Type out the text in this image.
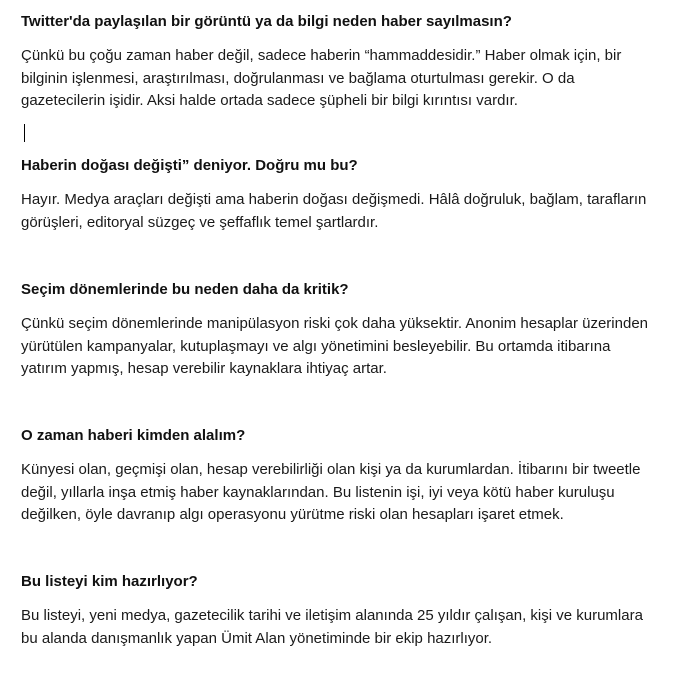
Twitter'da paylaşılan bir görüntü ya da bilgi neden haber sayılmasın?

Çünkü bu çoğu zaman haber değil, sadece haberin “hammaddesidir.” Haber olmak için, bir bilginin işlenmesi, araştırılması, doğrulanması ve bağlama oturtulması gerekir. O da gazetecilerin işidir. Aksi halde ortada sadece şüpheli bir bilgi kırıntısı vardır.

Haberin doğası değişti” deniyor. Doğru mu bu?

Hayır. Medya araçları değişti ama haberin doğası değişmedi. Hâlâ doğruluk, bağlam, tarafların görüşleri, editoryal süzgeç ve şeffaflık temel şartlardır.

Seçim dönemlerinde bu neden daha da kritik?

Çünkü seçim dönemlerinde manipülasyon riski çok daha yüksektir. Anonim hesaplar üzerinden yürütülen kampanyalar, kutuplaşmayı ve algı yönetimini besleyebilir. Bu ortamda itibarına yatırım yapmış, hesap verebilir kaynaklara ihtiyaç artar.

O zaman haberi kimden alalım?

Künyesi olan, geçmişi olan, hesap verebilirliği olan kişi ya da kurumlardan. İtibarını bir tweetle değil, yıllarla inşa etmiş haber kaynaklarından. Bu listenin işi, iyi veya kötü haber kuruluşu değilken, öyle davranıp algı operasyonu yürütme riski olan hesapları işaret etmek.

Bu listeyi kim hazırlıyor?

Bu listeyi, yeni medya, gazetecilik tarihi ve iletişim alanında 25 yıldır çalışan, kişi ve kurumlara bu alanda danışmanlık yapan Ümit Alan yönetiminde bir ekip hazırlıyor.
